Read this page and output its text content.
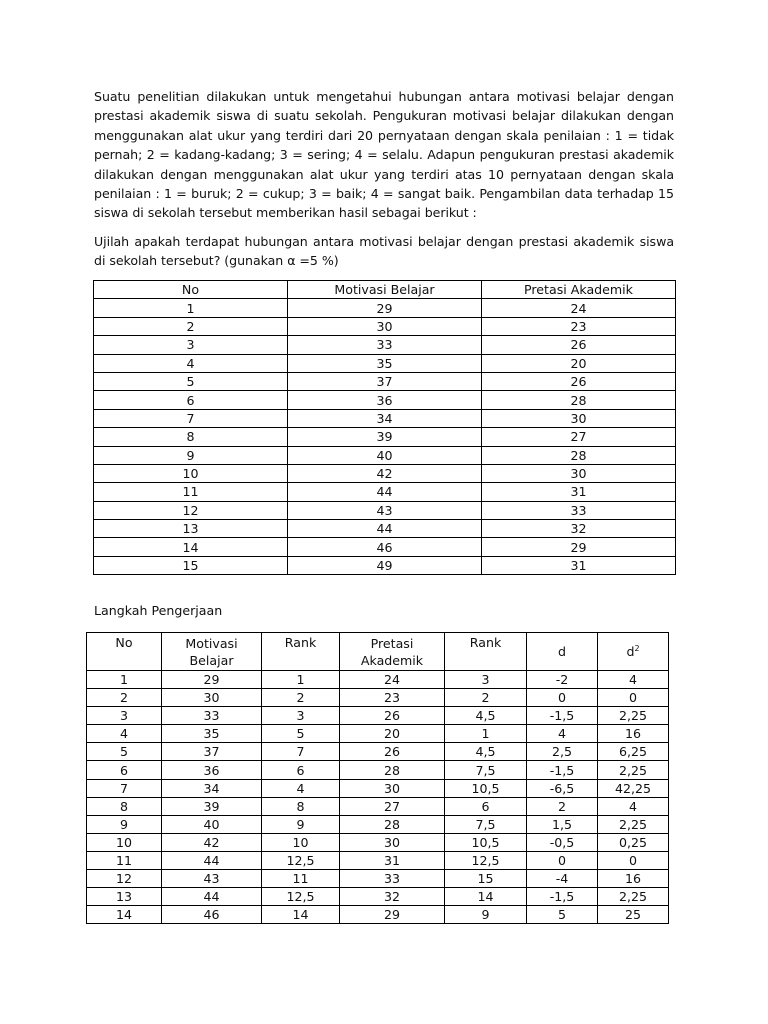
Suatu penelitian dilakukan untuk mengetahui hubungan antara motivasi belajar dengan prestasi akademik siswa di suatu sekolah. Pengukuran motivasi belajar dilakukan dengan menggunakan alat ukur yang terdiri dari 20 pernyataan dengan skala penilaian : 1 = tidak pernah; 2 = kadang-kadang; 3 = sering; 4 = selalu. Adapun pengukuran prestasi akademik dilakukan dengan menggunakan alat ukur yang terdiri atas 10 pernyataan dengan skala penilaian : 1 = buruk; 2 = cukup; 3 = baik; 4 = sangat baik. Pengambilan data terhadap 15 siswa di sekolah tersebut memberikan hasil sebagai berikut :

Ujilah apakah terdapat hubungan antara motivasi belajar dengan prestasi akademik siswa di sekolah tersebut? (gunakan α =5 %)

No	Motivasi Belajar	Pretasi Akademik
1	29	24
2	30	23
3	33	26
4	35	20
5	37	26
6	36	28
7	34	30
8	39	27
9	40	28
10	42	30
11	44	31
12	43	33
13	44	32
14	46	29
15	49	31

Langkah Pengerjaan

No	Motivasi Belajar	Rank	Pretasi Akademik	Rank	d	$d^2$
1	29	1	24	3	-2	4
2	30	2	23	2	0	0
3	33	3	26	4,5	-1,5	2,25
4	35	5	20	1	4	16
5	37	7	26	4,5	2,5	6,25
6	36	6	28	7,5	-1,5	2,25
7	34	4	30	10,5	-6,5	42,25
8	39	8	27	6	2	4
9	40	9	28	7,5	1,5	2,25
10	42	10	30	10,5	-0,5	0,25
11	44	12,5	31	12,5	0	0
12	43	11	33	15	-4	16
13	44	12,5	32	14	-1,5	2,25
14	46	14	29	9	5	25
